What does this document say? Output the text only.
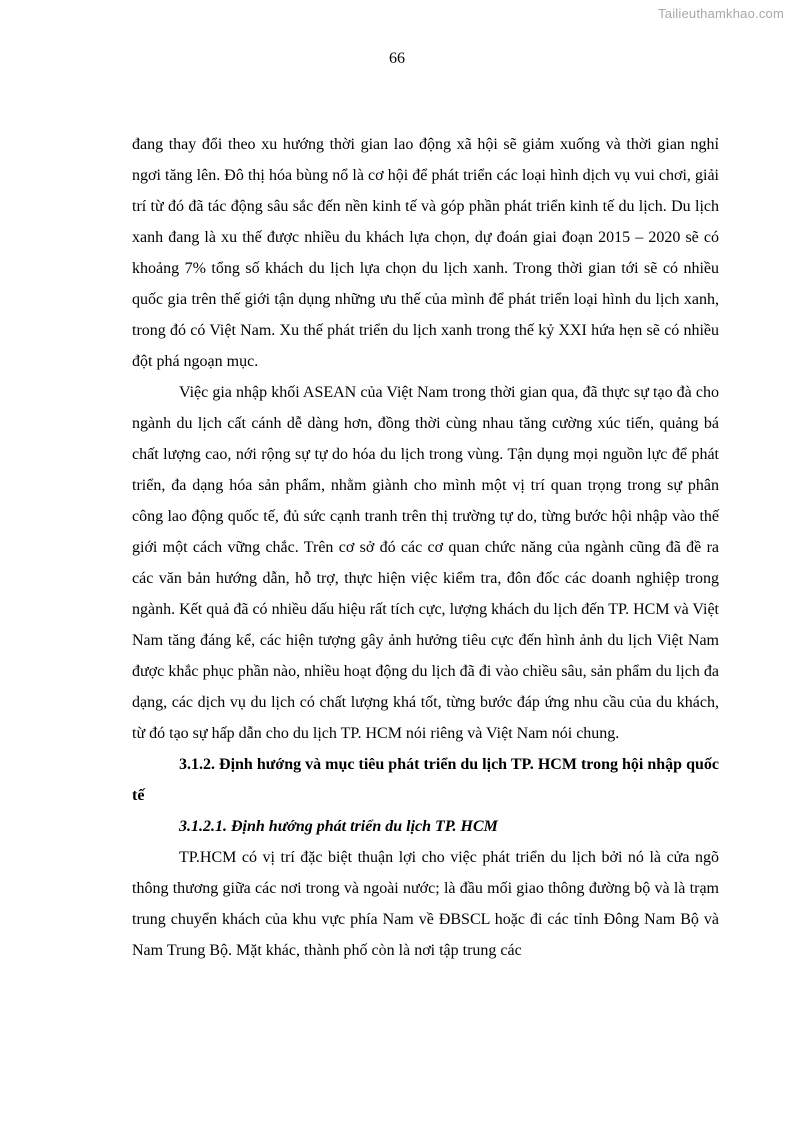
Tailieuthamkhao.com
66

đang thay đổi theo xu hướng thời gian lao động xã hội sẽ giảm xuống và thời gian nghỉ ngơi tăng lên. Đô thị hóa bùng nổ là cơ hội để phát triển các loại hình dịch vụ vui chơi, giải trí từ đó đã tác động sâu sắc đến nền kinh tế và góp phần phát triển kinh tế du lịch. Du lịch xanh đang là xu thế được nhiều du khách lựa chọn, dự đoán giai đoạn 2015 – 2020 sẽ có khoảng 7% tổng số khách du lịch lựa chọn du lịch xanh. Trong thời gian tới sẽ có nhiều quốc gia trên thế giới tận dụng những ưu thế của mình để phát triển loại hình du lịch xanh, trong đó có Việt Nam. Xu thế phát triển du lịch xanh trong thế kỷ XXI hứa hẹn sẽ có nhiều đột phá ngoạn mục.

Việc gia nhập khối ASEAN của Việt Nam trong thời gian qua, đã thực sự tạo đà cho ngành du lịch cất cánh dễ dàng hơn, đồng thời cùng nhau tăng cường xúc tiến, quảng bá chất lượng cao, nới rộng sự tự do hóa du lịch trong vùng. Tận dụng mọi nguồn lực để phát triển, đa dạng hóa sản phẩm, nhằm giành cho mình một vị trí quan trọng trong sự phân công lao động quốc tế, đủ sức cạnh tranh trên thị trường tự do, từng bước hội nhập vào thế giới một cách vững chắc. Trên cơ sở đó các cơ quan chức năng của ngành cũng đã đề ra các văn bản hướng dẫn, hỗ trợ, thực hiện việc kiểm tra, đôn đốc các doanh nghiệp trong ngành. Kết quả đã có nhiều dấu hiệu rất tích cực, lượng khách du lịch đến TP. HCM và Việt Nam tăng đáng kể, các hiện tượng gây ảnh hưởng tiêu cực đến hình ảnh du lịch Việt Nam được khắc phục phần nào, nhiều hoạt động du lịch đã đi vào chiều sâu, sản phẩm du lịch đa dạng, các dịch vụ du lịch có chất lượng khá tốt, từng bước đáp ứng nhu cầu của du khách, từ đó tạo sự hấp dẫn cho du lịch TP. HCM nói riêng và Việt Nam nói chung.

3.1.2. Định hướng và mục tiêu phát triển du lịch TP. HCM trong hội nhập quốc tế

3.1.2.1. Định hướng phát triển du lịch TP. HCM

TP.HCM có vị trí đặc biệt thuận lợi cho việc phát triển du lịch bởi nó là cửa ngõ thông thương giữa các nơi trong và ngoài nước; là đầu mối giao thông đường bộ và là trạm trung chuyển khách của khu vực phía Nam về ĐBSCL hoặc đi các tỉnh Đông Nam Bộ và Nam Trung Bộ. Mặt khác, thành phố còn là nơi tập trung các
